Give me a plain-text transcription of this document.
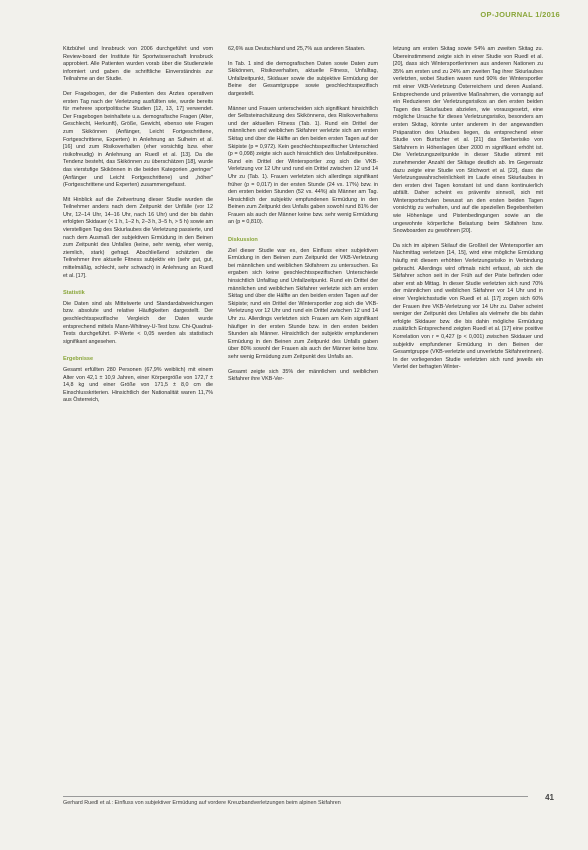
OP-JOURNAL 1/2016

Kitzbühel und Innsbruck von 2006 durchgeführt und vom Review-board der Institute für Sportwissenschaft Innsbruck approbiert. Alle Patienten wurden vorab über die Studienziele informiert und gaben die schriftliche Einverständnis zur Teilnahme an der Studie.

Der Fragebogen, der die Patienten des Arztes operativen ersten Tag nach der Verletzung ausfüllten wie, wurde bereits für mehrere sportpolitische Studien [12, 13, 17] verwendet. Der Fragebogen beinhaltete u.a. demografische Fragen (Alter, Geschlecht, Herkunft), Größe, Gewicht, ebenso wie Fragen zum Skikönnen (Anfänger, Leicht Fortgeschrittene, Fortgeschrittene, Experten) in Anlehnung an Sulheim et al. [16] und zum Risikoverhalten (eher vorsichtig bzw. eher risikofreudig) in Anlehnung an Ruedl et al. [13]. Da die Tendenz besteht, das Skikönnen zu überschätzen [18], wurde das vierstufige Skikönnen in die beiden Kategorien „geringer" (Anfänger und Leicht Fortgeschrittene) und „höher" (Fortgeschrittene und Experten) zusammengefasst.

Mit Hinblick auf die Zeitvertrung dieser Studie wurden die Teilnehmer anders nach dem Zeitpunkt der Unfälle (vor 12 Uhr, 12–14 Uhr, 14–16 Uhr, nach 16 Uhr) und der bis dahin erfolgten Skidauer (< 1 h, 1–2 h, 2–3 h, 3–5 h, > 5 h) sowie am vierstelligen Tag des Skiurlaubes die Verletzung passierte, und nach dem Ausmaß der subjektiven Ermüdung in den Beinen zum Zeitpunkt des Unfalles (keine, sehr wenig, eher wenig, ziemlich, stark) gefragt. Abschließend schätzten die Teilnehmer ihre aktuelle Fitness subjektiv ein (sehr gut, gut, mittelmäßig, schlecht, sehr schwach) in Anlehnung an Ruedl et al. [17].

Statistik

Die Daten sind als Mittelwerte und Standardabweichungen bzw. absolute und relative Häufigkeiten dargestellt. Der geschlechtsspezifische Vergleich der Daten wurde entsprechend mittels Mann-Whitney-U-Test bzw. Chi-Quadrat-Tests durchgeführt. P-Werte < 0,05 werden als statistisch signifikant angesehen.

Ergebnisse

Gesamt erfüllten 280 Personen (67,9% weiblich) mit einem Alter von 42,1 ± 10,9 Jahren, einer Körpergröße von 172,7 ± 14,8 kg und einer Größe von 171,5 ± 8,0 cm die Einschlusskriterien. Hinsichtlich der Nationalität waren 11,7% aus Österreich,

62,6% aus Deutschland und 25,7% aus anderen Staaten.

In Tab. 1 sind die demografischen Daten sowie Daten zum Skikönnen, Risikoverhalten, aktuelle Fitness, Unfalltag, Unfallzeitpunkt, Skidauer sowie die subjektive Ermüdung der Beine der Gesamtgruppe sowie geschlechtsspezifisch dargestellt.

Männer und Frauen unterscheiden sich signifikant hinsichtlich der Selbsteinschätzung des Skikönnens, des Risikoverhaltens und der aktuellen Fitness (Tab. 1). Rund ein Drittel der männlichen und weiblichen Skifahrer verletzte sich am ersten Skitag und über die Hälfte an den beiden ersten Tagen auf der Skipiste (p = 0,972). Kein geschlechtsspezifischer Unterschied (p = 0,098) zeigte sich auch hinsichtlich des Unfallzeitpunktes. Rund ein Drittel der Wintersportler zog sich die VKB-Verletzung vor 12 Uhr und rund ein Drittel zwischen 12 und 14 Uhr zu (Tab. 1). Frauen verletzten sich allerdings signifikant früher (p = 0,017) in der ersten Stunde (24 vs. 17%) bzw. in den ersten beiden Stunden (52 vs. 44%) als Männer am Tag. Hinsichtlich der subjektiv empfundenen Ermüdung in den Beinen zum Zeitpunkt des Unfalls gaben sowohl rund 81% der Frauen als auch der Männer keine bzw. sehr wenig Ermüdung an (p = 0,810).

Diskussion

Ziel dieser Studie war es, den Einfluss einer subjektiven Ermüdung in den Beinen zum Zeitpunkt der VKB-Verletzung bei männlichen und weiblichen Skifahrern zu untersuchen. Es ergaben sich keine geschlechtsspezifischen Unterschiede hinsichtlich Unfalltag und Unfallzeitpunkt. Rund ein Drittel der männlichen und weiblichen Skifahrer verletzte sich am ersten Skitag und über die Hälfte an den beiden ersten Tagen auf der Skipiste; rund ein Drittel der Wintersportler zog sich die VKB-Verletzung vor 12 Uhr und rund ein Drittel zwischen 12 und 14 Uhr zu. Allerdings verletzten sich Frauen am Kein signifikant häufiger in der ersten Stunde bzw. in den ersten beiden Stunden als Männer. Hinsichtlich der subjektiv empfundenen Ermüdung in den Beinen zum Zeitpunkt des Unfalls gaben über 80% sowohl der Frauen als auch der Männer keine bzw. sehr wenig Ermüdung zum Zeitpunkt des Unfalls an.

Gesamt zeigte sich 35% der männlichen und weiblichen Skifahrer ihre VKB-Ver-

letzung am ersten Skitag sowie 54% am zweiten Skitag zu. Übereinstimmend zeigte sich in einer Studie von Ruedl et al. [20], dass sich Wintersportlerinnen aus anderen Nationen zu 35% am ersten und zu 24% am zweiten Tag ihrer Skiurlaubes verletzten, wobei Studien waren rund 90% der Wintersportler mit einer VKB-Verletzung Österreichern und deren Ausland. Entsprechende und präventive Maßnahmen, die vorrangig auf ein Reduzieren der Verletzungsrisikos an den ersten beiden Tagen des Skiurlaubes abzielen, wie vorausgesetzt, eine mögliche Ursache für dieses Verletzungsrisiko, besonders am ersten Skitag, könnte unter anderem in der angewandten Präparation des Urlaubes liegen, da entsprechend einer Studie von Burtscher et al. [21] das Sterberisiko von Skifahrern in Höhenlagen über 2000 m signifikant erhöht ist. Die Verletzungszeitpunkte in dieser Studie stimmt mit zunehmender Anzahl der Skitage deutlich ab. Im Gegensatz dazu zeigte eine Studie von Stichwort et al. [22], dass die Verletzungswahrscheinlichkeit im Laufe eines Skiurlaubes in den ersten drei Tagen konstant ist und dann kontinuierlich abfällt. Daher scheint es präventiv sinnvoll, sich mit Wintersportschulen bewusst an den ersten beiden Tagen vorsichtig zu verhalten, und auf die speziellen Begebenheiten wie Höhenlage und Pistenbedingungen sowie an die ungewohnte körperliche Belastung beim Skifahren bzw. Snowboarden zu gewöhnen [20].

Da sich im alpinen Skilauf die Großteil der Wintersportler am Nachmittag verletzen [14, 15], wird eine mögliche Ermüdung häufig mit diesem erhöhten Verletzungsrisiko in Verbindung gebracht. Allerdings wird oftmals nicht erfasst, ab sich die Skifahrer schon seit in der Früh auf der Piste befinden oder aber erst ab Mittag. In dieser Studie verletzten sich rund 70% der männlichen und weiblichen Skifahrer vor 14 Uhr und in einer Vergleichsstudie von Ruedl et al. [17] zogen sich 60% der Frauen ihre VKB-Verletzung vor 14 Uhr zu. Daher scheint weniger der Zeitpunkt des Unfalles als vielmehr die bis dahin erfolgte Skidauer bzw. die bis dahin mögliche Ermüdung zusätzlich Entsprechend zeigten Ruedl et al. [17] eine positive Korrelation von r = 0,427 (p < 0,001) zwischen Skidauer und subjektiv empfundener Ermüdung in den Beinen der Gesamtgruppe (VKB-verletzte und unverletzte Skifahrerinnen). In der vorliegenden Studie verletzten sich rund jeweils ein Viertel der befragten Winter-

Gerhard Ruedl et al.: Einfluss von subjektiver Ermüdung auf vordere Kreuzbandverletzungen beim alpinen Skifahren
41
